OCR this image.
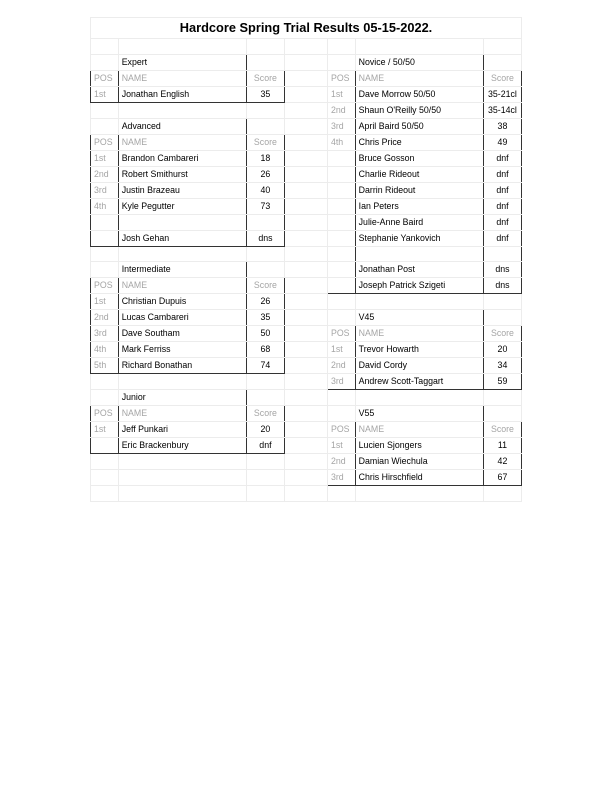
Hardcore Spring Trial Results 05-15-2022.						

	Expert				Novice / 50/50	
POS	NAME	Score		POS	NAME	Score
1st	Jonathan English	35		1st	Dave Morrow 50/50	35-21cl
				2nd	Shaun O'Reilly 50/50	35-14cl
	Advanced			3rd	April Baird 50/50	38
POS	NAME	Score		4th	Chris Price	49
1st	Brandon Cambareri	18			Bruce Gosson	dnf
2nd	Robert Smithurst	26			Charlie Rideout	dnf
3rd	Justin Brazeau	40			Darrin Rideout	dnf
4th	Kyle Pegutter	73			Ian Peters	dnf
					Julie-Anne Baird	dnf
	Josh Gehan	dns			Stephanie Yankovich	dnf

	Intermediate				Jonathan Post	dns
POS	NAME	Score			Joseph Patrick Szigeti	dns
1st	Christian Dupuis	26				
2nd	Lucas Cambareri	35			V45	
3rd	Dave Southam	50		POS	NAME	Score
4th	Mark Ferriss	68		1st	Trevor Howarth	20
5th	Richard Bonathan	74		2nd	David Cordy	34
				3rd	Andrew Scott-Taggart	59
	Junior					
POS	NAME	Score			V55	
1st	Jeff Punkari	20		POS	NAME	Score
	Eric Brackenbury	dnf		1st	Lucien Sjongers	11
				2nd	Damian Wiechula	42
				3rd	Chris Hirschfield	67
